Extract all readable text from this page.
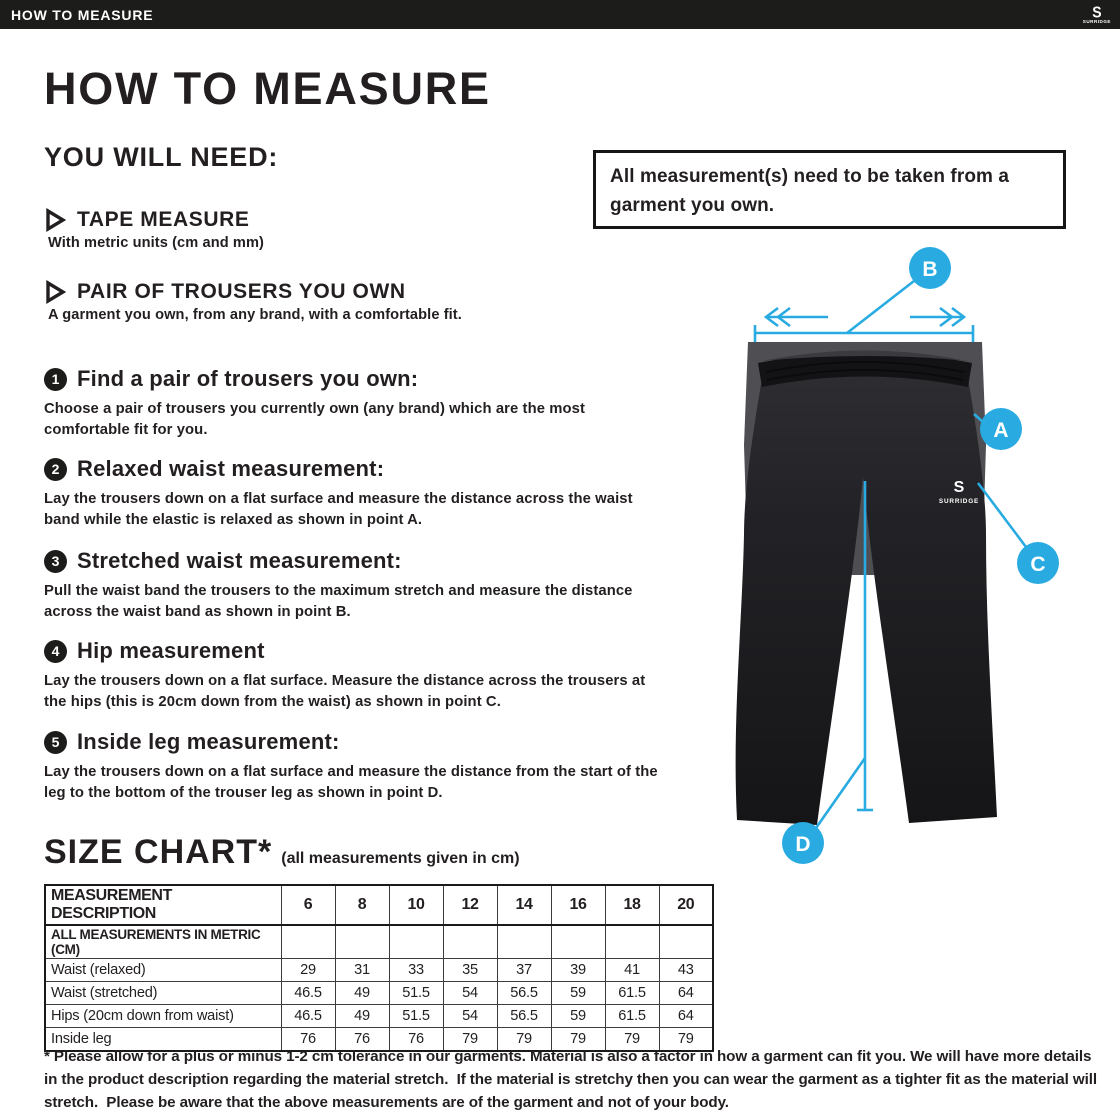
HOW TO MEASURE	S
SURRIDGE
HOW TO MEASURE
YOU WILL NEED:
TAPE MEASURE
With metric units (cm and mm)
PAIR OF TROUSERS YOU OWN
A garment you own, from any brand, with a comfortable fit.
All measurement(s) need to be taken from a garment you own.
1 Find a pair of trousers you own:

Choose a pair of trousers you currently own (any brand) which are the most comfortable fit for you.

2 Relaxed waist measurement:

Lay the trousers down on a flat surface and measure the distance across the waist band while the elastic is relaxed as shown in point A.

3 Stretched waist measurement:

Pull the waist band the trousers to the maximum stretch and measure the distance across the waist band as shown in point B.

4 Hip measurement

Lay the trousers down on a flat surface. Measure the distance across the trousers at the hips (this is 20cm down from the waist) as shown in point C.

5 Inside leg measurement:

Lay the trousers down on a flat surface and measure the distance from the start of the leg to the bottom of the trouser leg as shown in point D.

SIZE CHART* (all measurements given in cm)
MEASUREMENT DESCRIPTION	6	8	10	12	14	16	18	20
ALL MEASUREMENTS IN METRIC (CM)								
Waist (relaxed)	29	31	33	35	37	39	41	43
Waist (stretched)	46.5	49	51.5	54	56.5	59	61.5	64
Hips (20cm down from waist)	46.5	49	51.5	54	56.5	59	61.5	64
Inside leg	76	76	76	79	79	79	79	79

* Please allow for a plus or minus 1-2 cm tolerance in our garments. Material is also a factor in how a garment can fit you. We will have more details in the product description regarding the material stretch.  If the material is stretchy then you can wear the garment as a tighter fit as the material will stretch.  Please be aware that the above measurements are of the garment and not of your body.

S
SURRIDGE
A
B
C
D
